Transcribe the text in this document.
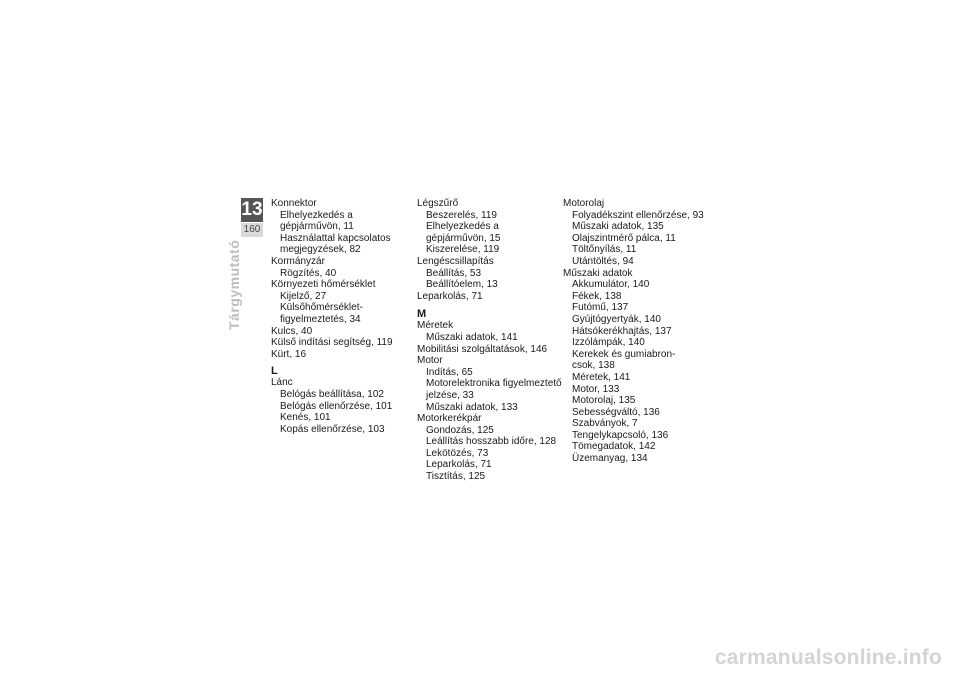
13
160
Tárgymutató
Konnektor
Elhelyezkedés a
gépjárművön, 11
Használattal kapcsolatos
megjegyzések, 82
Kormányzár
Rögzítés, 40
Környezeti hőmérséklet
Kijelző, 27
Külsőhőmérséklet-
figyelmeztetés, 34
Kulcs, 40
Külső indítási segítség, 119
Kürt, 16
L
Lánc
Belógás beállítása, 102
Belógás ellenőrzése, 101
Kenés, 101
Kopás ellenőrzése, 103
Légszűrő
Beszerelés, 119
Elhelyezkedés a
gépjárművön, 15
Kiszerelése, 119
Lengéscsillapítás
Beállítás, 53
Beállítóelem, 13
Leparkolás, 71
M
Méretek
Műszaki adatok, 141
Mobilitási szolgáltatások, 146
Motor
Indítás, 65
Motorelektronika figyelmeztető
jelzése, 33
Műszaki adatok, 133
Motorkerékpár
Gondozás, 125
Leállítás hosszabb időre, 128
Lekötözés, 73
Leparkolás, 71
Tisztítás, 125
Motorolaj
Folyadékszint ellenőrzése, 93
Műszaki adatok, 135
Olajszintmérő pálca, 11
Töltőnyílás, 11
Utántöltés, 94
Műszaki adatok
Akkumulátor, 140
Fékek, 138
Futómű, 137
Gyújtógyertyák, 140
Hátsókerékhajtás, 137
Izzólámpák, 140
Kerekek és gumiabron-
csok, 138
Méretek, 141
Motor, 133
Motorolaj, 135
Sebességváltó, 136
Szabványok, 7
Tengelykapcsoló, 136
Tömegadatok, 142
Üzemanyag, 134
carmanualsonline.info
